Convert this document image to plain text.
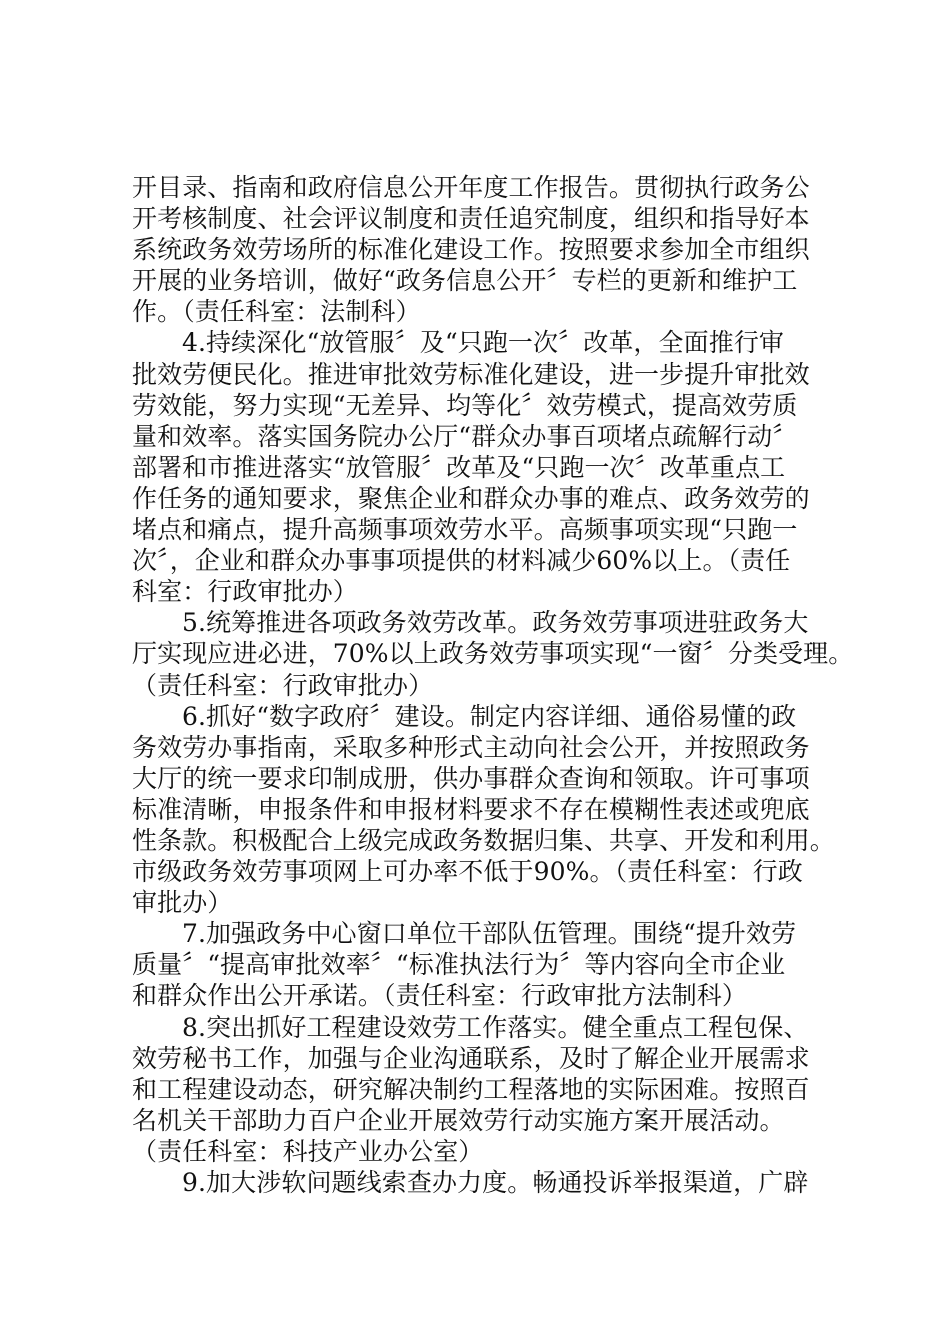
开目录、指南和政府信息公开年度工作报告。贯彻执行政务公
开考核制度、社会评议制度和责任追究制度，组织和指导好本
系统政务效劳场所的标准化建设工作。按照要求参加全市组织
开展的业务培训，做好“政务信息公开〞专栏的更新和维护工
作。（责任科室：法制科）
4.持续深化“放管服〞及“只跑一次〞改革，全面推行审
批效劳便民化。推进审批效劳标准化建设，进一步提升审批效
劳效能，努力实现“无差异、均等化〞效劳模式，提高效劳质
量和效率。落实国务院办公厅“群众办事百项堵点疏解行动〞
部署和市推进落实“放管服〞改革及“只跑一次〞改革重点工
作任务的通知要求，聚焦企业和群众办事的难点、政务效劳的
堵点和痛点，提升高频事项效劳水平。高频事项实现“只跑一
次〞，企业和群众办事事项提供的材料减少60%以上。（责任
科室：行政审批办）
5.统筹推进各项政务效劳改革。政务效劳事项进驻政务大
厅实现应进必进，70%以上政务效劳事项实现“一窗〞分类受理。
（责任科室：行政审批办）
6.抓好“数字政府〞建设。制定内容详细、通俗易懂的政
务效劳办事指南，采取多种形式主动向社会公开，并按照政务
大厅的统一要求印制成册，供办事群众查询和领取。许可事项
标准清晰，申报条件和申报材料要求不存在模糊性表述或兜底
性条款。积极配合上级完成政务数据归集、共享、开发和利用。
市级政务效劳事项网上可办率不低于90%。（责任科室：行政
审批办）
7.加强政务中心窗口单位干部队伍管理。围绕“提升效劳
质量〞“提高审批效率〞“标准执法行为〞等内容向全市企业
和群众作出公开承诺。（责任科室：行政审批方法制科）
8.突出抓好工程建设效劳工作落实。健全重点工程包保、
效劳秘书工作，加强与企业沟通联系，及时了解企业开展需求
和工程建设动态，研究解决制约工程落地的实际困难。按照百
名机关干部助力百户企业开展效劳行动实施方案开展活动。
（责任科室：科技产业办公室）
9.加大涉软问题线索查办力度。畅通投诉举报渠道，广辟
